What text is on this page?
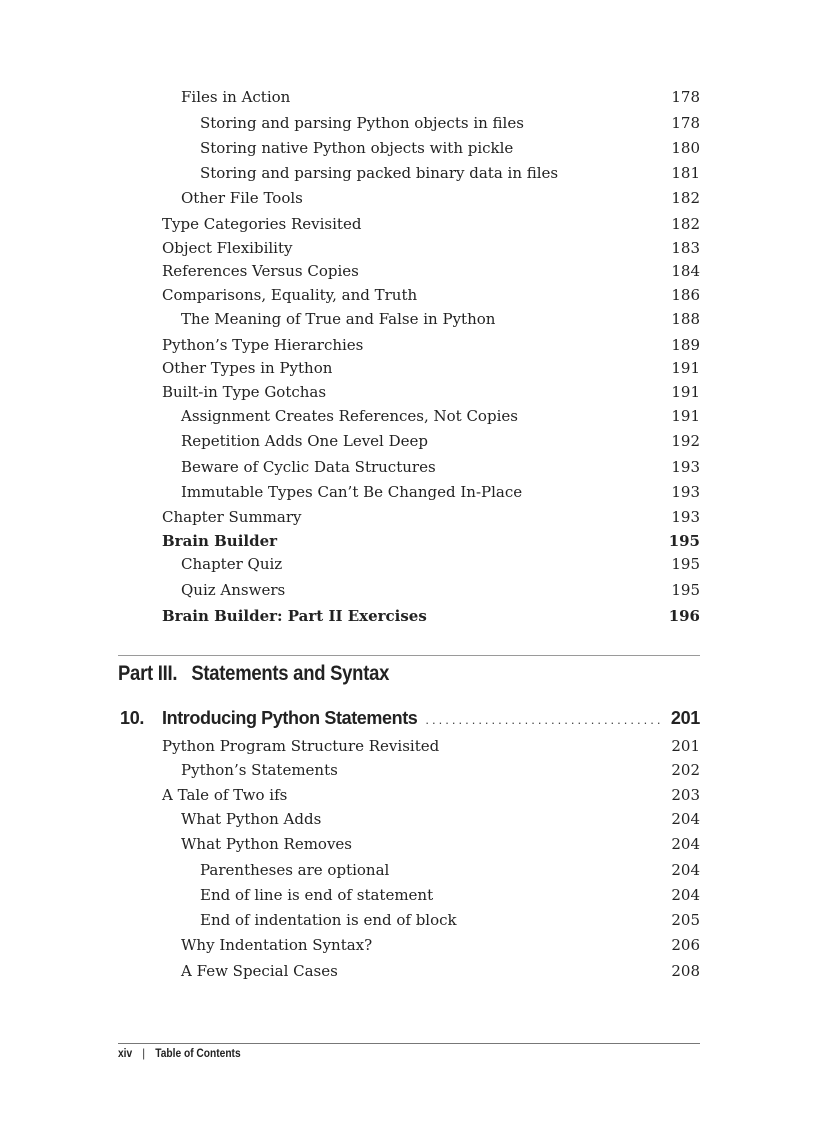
Files in Action	178
Storing and parsing Python objects in files	178
Storing native Python objects with pickle	180
Storing and parsing packed binary data in files	181
Other File Tools	182
Type Categories Revisited	182
Object Flexibility	183
References Versus Copies	184
Comparisons, Equality, and Truth	186
The Meaning of True and False in Python	188
Python’s Type Hierarchies	189
Other Types in Python	191
Built-in Type Gotchas	191
Assignment Creates References, Not Copies	191
Repetition Adds One Level Deep	192
Beware of Cyclic Data Structures	193
Immutable Types Can’t Be Changed In-Place	193
Chapter Summary	193
Brain Builder	195
Chapter Quiz	195
Quiz Answers	195
Brain Builder: Part II Exercises	196
Part III. Statements and Syntax
10. Introducing Python Statements .................................... 201
Python Program Structure Revisited	201
Python’s Statements	202
A Tale of Two ifs	203
What Python Adds	204
What Python Removes	204
Parentheses are optional	204
End of line is end of statement	204
End of indentation is end of block	205
Why Indentation Syntax?	206
A Few Special Cases	208
xiv | Table of Contents
